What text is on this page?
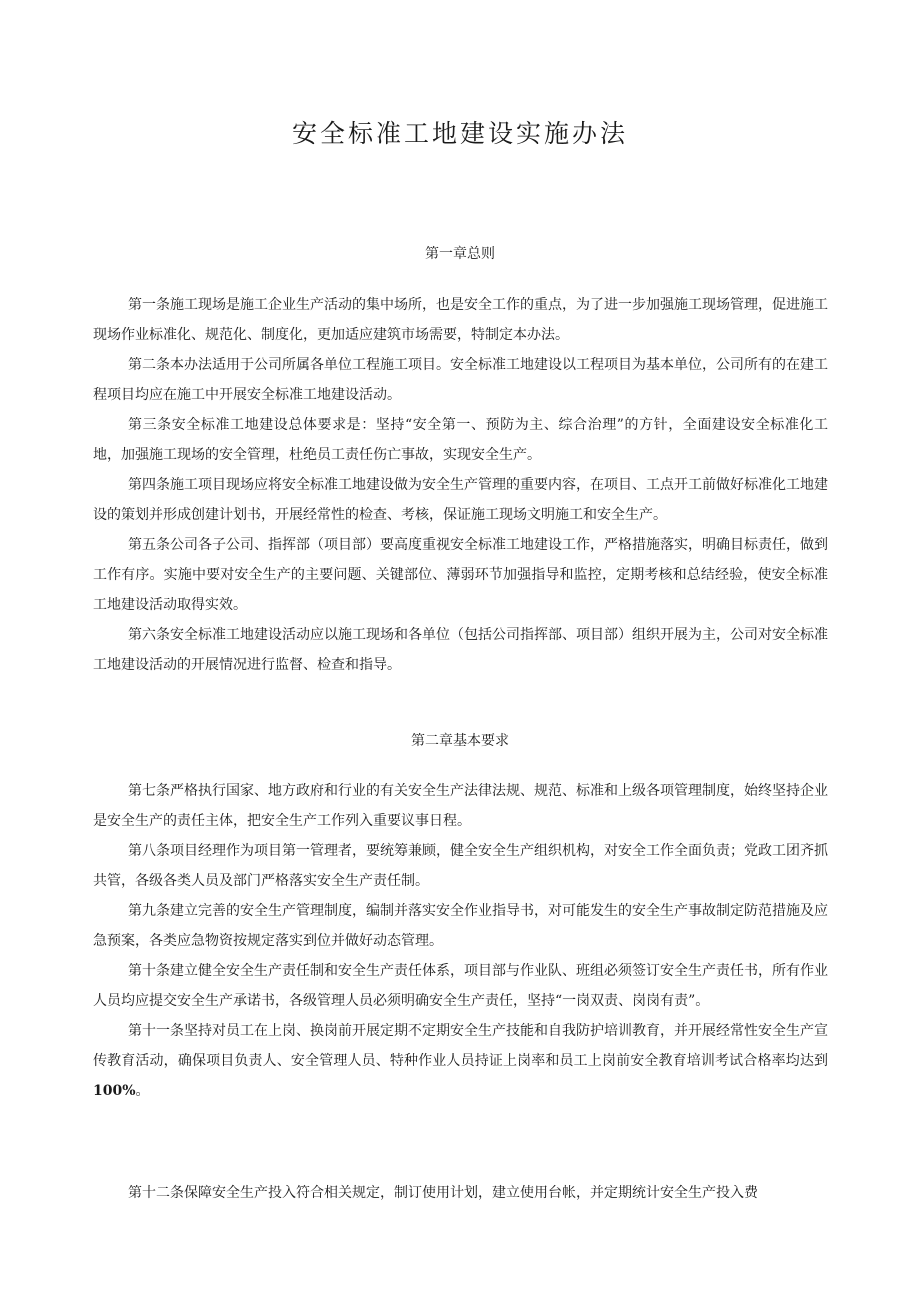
安全标准工地建设实施办法
第一章总则

第一条施工现场是施工企业生产活动的集中场所，也是安全工作的重点，为了进一步加强施工现场管理，促进施工现场作业标准化、规范化、制度化，更加适应建筑市场需要，特制定本办法。

第二条本办法适用于公司所属各单位工程施工项目。安全标准工地建设以工程项目为基本单位，公司所有的在建工程项目均应在施工中开展安全标准工地建设活动。

第三条安全标准工地建设总体要求是：坚持“安全第一、预防为主、综合治理”的方针，全面建设安全标准化工地，加强施工现场的安全管理，杜绝员工责任伤亡事故，实现安全生产。

第四条施工项目现场应将安全标准工地建设做为安全生产管理的重要内容，在项目、工点开工前做好标准化工地建设的策划并形成创建计划书，开展经常性的检查、考核，保证施工现场文明施工和安全生产。

第五条公司各子公司、指挥部（项目部）要高度重视安全标准工地建设工作，严格措施落实，明确目标责任，做到工作有序。实施中要对安全生产的主要问题、关键部位、薄弱环节加强指导和监控，定期考核和总结经验，使安全标准工地建设活动取得实效。

第六条安全标准工地建设活动应以施工现场和各单位（包括公司指挥部、项目部）组织开展为主，公司对安全标准工地建设活动的开展情况进行监督、检查和指导。

第二章基本要求

第七条严格执行国家、地方政府和行业的有关安全生产法律法规、规范、标准和上级各项管理制度，始终坚持企业是安全生产的责任主体，把安全生产工作列入重要议事日程。

第八条项目经理作为项目第一管理者，要统筹兼顾，健全安全生产组织机构，对安全工作全面负责；党政工团齐抓共管，各级各类人员及部门严格落实安全生产责任制。

第九条建立完善的安全生产管理制度，编制并落实安全作业指导书，对可能发生的安全生产事故制定防范措施及应急预案，各类应急物资按规定落实到位并做好动态管理。

第十条建立健全安全生产责任制和安全生产责任体系，项目部与作业队、班组必须签订安全生产责任书，所有作业人员均应提交安全生产承诺书，各级管理人员必须明确安全生产责任，坚持“一岗双责、岗岗有责”。

第十一条坚持对员工在上岗、换岗前开展定期不定期安全生产技能和自我防护培训教育，并开展经常性安全生产宣传教育活动，确保项目负责人、安全管理人员、特种作业人员持证上岗率和员工上岗前安全教育培训考试合格率均达到100%。

第十二条保障安全生产投入符合相关规定，制订使用计划，建立使用台帐，并定期统计安全生产投入费
